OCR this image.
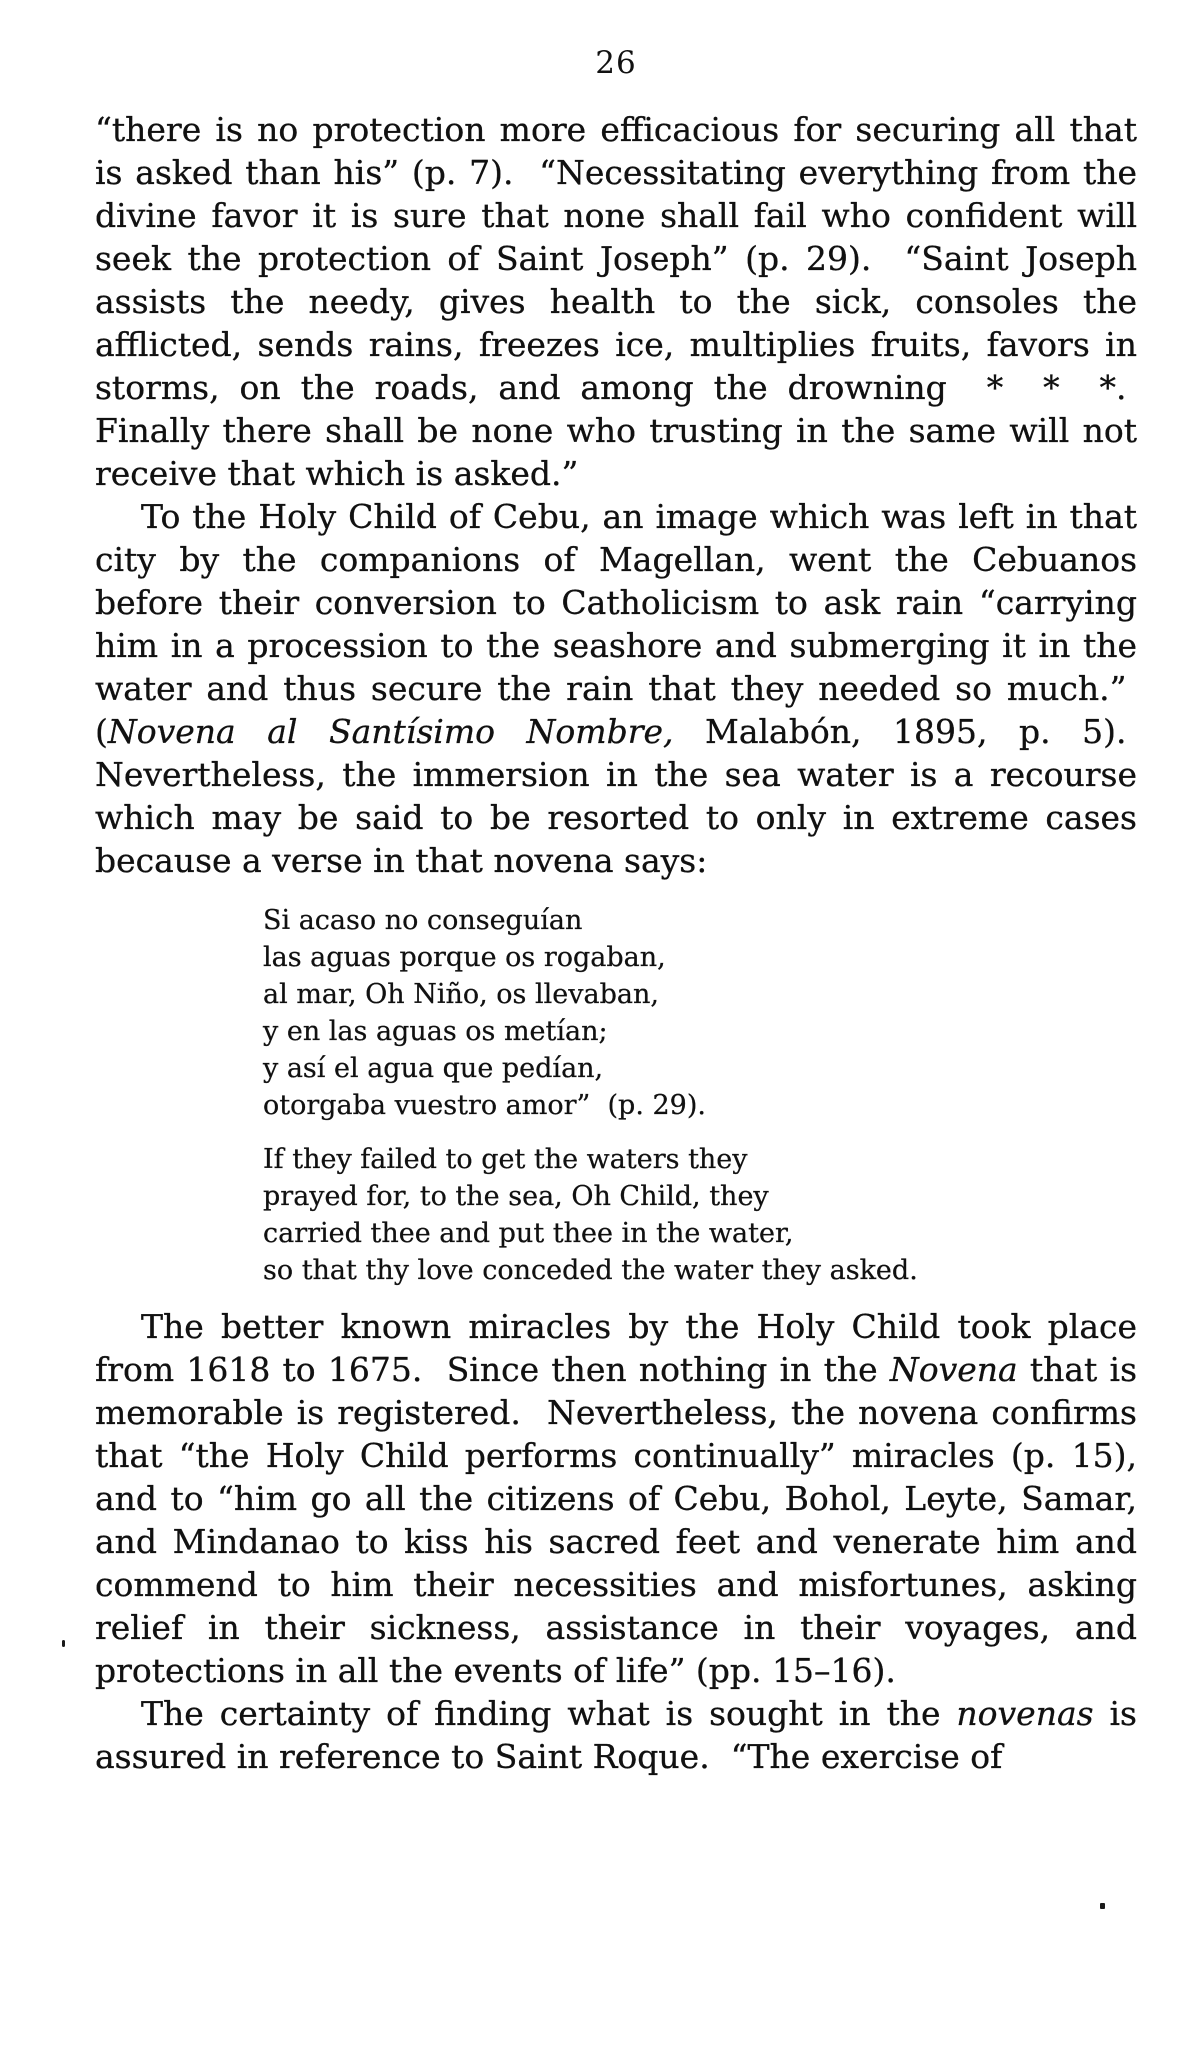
26

“there is no protection more efficacious for securing all that is asked than his” (p. 7).  “Necessitating everything from the divine favor it is sure that none shall fail who confident will seek the protection of Saint Joseph” (p. 29).  “Saint Joseph assists the needy, gives health to the sick, consoles the afflicted, sends rains, freezes ice, multiplies fruits, favors in storms, on the roads, and among the drowning  *  *  *.  Finally there shall be none who trusting in the same will not receive that which is asked.”

To the Holy Child of Cebu, an image which was left in that city by the companions of Magellan, went the Cebuanos before their conversion to Catholicism to ask rain “carrying him in a procession to the seashore and submerging it in the water and thus secure the rain that they needed so much.”  (Novena al Santísimo Nombre, Malabón, 1895, p. 5).  Nevertheless, the immersion in the sea water is a recourse which may be said to be resorted to only in extreme cases because a verse in that novena says:

Si acaso no conseguían
las aguas porque os rogaban,
al mar, Oh Niño, os llevaban,
y en las aguas os metían;
y así el agua que pedían,
otorgaba vuestro amor”  (p. 29).
If they failed to get the waters they
prayed for, to the sea, Oh Child, they
carried thee and put thee in the water,
so that thy love conceded the water they asked.

The better known miracles by the Holy Child took place from 1618 to 1675.  Since then nothing in the Novena that is memorable is registered.  Nevertheless, the novena confirms that “the Holy Child performs continually” miracles (p. 15), and to “him go all the citizens of Cebu, Bohol, Leyte, Samar, and Mindanao to kiss his sacred feet and venerate him and commend to him their necessities and misfortunes, asking relief in their sickness, assistance in their voyages, and protections in all the events of life” (pp. 15–16).

The certainty of finding what is sought in the novenas is assured in reference to Saint Roque.  “The exercise of
